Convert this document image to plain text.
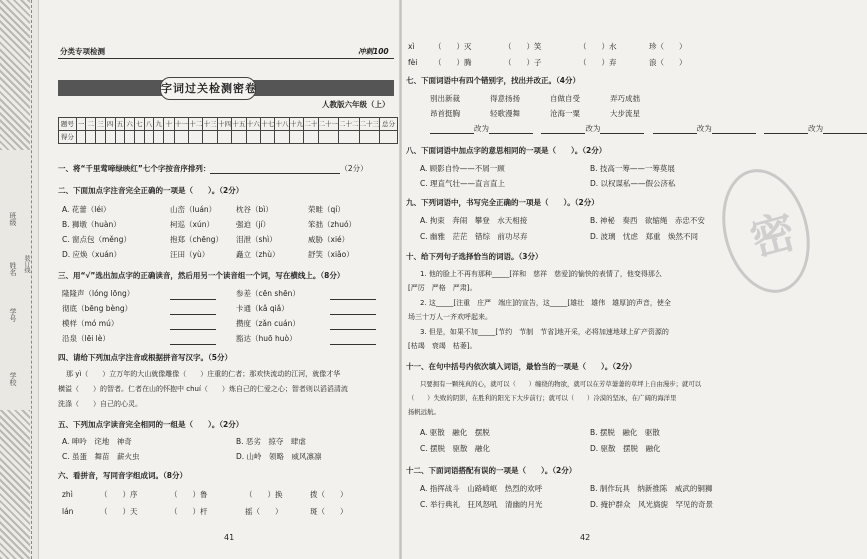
班级
姓名
学号
学校
装订线
分类专项检测	冲刺100
字词过关检测密卷
人教版六年级（上）
题号	一	二	三	四	五	六	七	八	九	十	十一	十二	十三	十四	十五	十六	十七	十八	十九	二十	二十一	二十二	二十三	总分
得分																								
一、将“千里莺啼绿映红”七个字按音序排列：	（2分）
二、下面加点字注音完全正确的一项是（　　）。（2分）
三、用“√”选出加点字的正确读音，然后用另一个读音组一个词，写在横线上。（8分）
四、请给下列加点字注音或根据拼音写汉字。（5分）
那 yì（　　）立万年的大山就像雕像（　　）庄重的仁者；那欢快流动的江河，就像才华
横溢（　　）的智者。仁者在山的怀抱中 chuí（　　）炼自己的仁爱之心；智者则以滔滔清流
洗涤（　　）自己的心灵。
五、下列加点字读音完全相同的一组是（　　）。（2分）
A. 呻吟　诧地　神奇	B. 恶劣　掠夺　肆虐
C. 虽蛋　舞苗　薪火虫	D. 山岭　领略　威风凛凛
六、看拼音，写同音字组成词。（8分）
41
A. 花蕾（léi）	山峦（luán）	枕谷（bì）	荣畦（qí）
B. 狮墩（huàn）	柯巡（xún）	强迫（jí）	笨拙（zhuó）
C. 窗点包（měng）	抱郑（chēng） 泪泄（shì）	威胁（xié）
D. 应焕（xuán）	汪田（yù）	矗立（zhù）	舒笑（xiǎo）
隆隆声（lóng lōng）	参差（cēn shēn）
彻底（bēng bèng）	卡通（kǎ qiǎ）
模样（mó mú）	攒度（zǎn cuán）
沿泉（lēi lè）	豁达（huō huò）
zhì	（　　）序	（　　）鲁	（　　）换	拨（　　）
lán	（　　）天	（　　）杆	摇（　　）	斑（　　）
七、下面词语中有四个错别字，找出并改正。（4分）
改为	改为	改为	改为
八、下面词语中加点字的意思相同的一项是（　　）。（2分）
A. 顾影自怜——不屑一顾	B. 技高一筹——一筹莫展
C. 理直气壮——直言直上	D. 以权谋私——假公济私
九、下列词语中，书写完全正确的一项是（　　）。（2分）
A. 拘束　奔闹　攀登　水天相接	B. 神秘　奏西　欲缩绳　赤忠不安
C. 幽雅　茫茫　错综　前功尽弃	D. 波璃　忧虑　郑重　焕然不同 密
十、给下列句子选择恰当的词语。（3分）
1. 他的脸上不再有那种_____[祥和　慈祥　慈爱]的愉快的表情了，他变得那么
[严厉　严格　严肃]。
2. 这_____[注重　庄严　端庄]的宣告，这_____[雄壮　雄伟　雄厚]的声音，使全
场三十万人一齐欢呼起来。
3. 但是，如果不加_____[节约　节制　节省]地开采，必将加速地球上矿产资源的
[枯竭　衰竭　枯萎]。
十一、在句中括号内依次填入词语，最恰当的一项是（　　）。（2分）
只要拥有一颗纯真的心，就可以（　　）缠绕的物欲，就可以在芳草萋萋的草坪上自由漫步；就可以
（　　）失败的阴影，在胜利的阳光下大步前行；就可以（　　）冷漠的坚冰，在广阔的海洋里
扬帆远航。
A. 驱散　融化　摆脱	B. 摆脱　融化　驱散
C. 摆脱　驱散　融化	D. 驱散　摆脱　融化
十二、下面词语搭配有误的一项是（　　）。（2分）
A. 指挥战斗　山路崎岖　热烈的欢呼	B. 制作玩具　纳新推陈　威武的铜狮
C. 举行典礼　狂风怒吼　清幽的月光	D. 掩护群众　风光旖旎　罕见的奇景
42
xì	（　　）灭	（　　）笑	（　　）水	珍（　　）
fèi （　　）腾	（　　）子	（　　）弃	浪（　　）
别出新裁	得意扬扬	自做自受	弄巧成拙
昂首挺胸	轻歌漫舞	沧海一粟	大步流星
